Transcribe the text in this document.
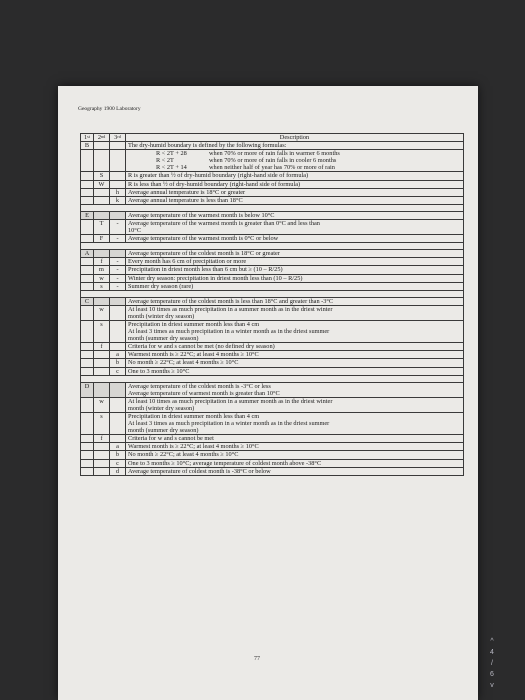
Geography 1900 Laboratory
1st	2nd	3rd	Description
B			The dry-humid boundary is defined by the following formulas:

			R < 2T + 28 when 70% or more of rain falls in warmer 6 months
R < 2T when 70% or more of rain falls in cooler 6 months
R < 2T + 14 when neither half of year has 70% or more of rain

	S		R is greater than ½ of dry-humid boundary (right-hand side of formula)

	W		R is less than ½ of dry-humid boundary (right-hand side of formula)

		h	Average annual temperature is 18°C or greater

		k	Average annual temperature is less than 18°C

E			Average temperature of the warmest month is below 10°C

	T	-	Average temperature of the warmest month is greater than 0°C and less than
10°C

	F	-	Average temperature of the warmest month is 0°C or below

A			Average temperature of the coldest month is 18°C or greater

	f	-	Every month has 6 cm of precipitation or more

	m	-	Precipitation in driest month less than 6 cm but ≥ (10 – R/25)

	w	-	Winter dry season: precipitation in driest month less than (10 – R/25)

	s	-	Summer dry season (rare)

C			Average temperature of the coldest month is less than 18°C and greater than -3°C

	w		At least 10 times as much precipitation in a summer month as in the driest winter
month (winter dry season)

	s		Precipitation in driest summer month less than 4 cm
At least 3 times as much precipitation in a winter month as in the driest summer
month (summer dry season)

	f		Criteria for w and s cannot be met (no defined dry season)

		a	Warmest month is ≥ 22°C; at least 4 months ≥ 10°C

		b	No month ≥ 22°C; at least 4 months ≥ 10°C

		c	One to 3 months ≥ 10°C

D			Average temperature of the coldest month is -3°C or less
Average temperature of warmest month is greater than 10°C

	w		At least 10 times as much precipitation in a summer month as in the driest winter
month (winter dry season)

	s		Precipitation in driest summer month less than 4 cm
At least 3 times as much precipitation in a winter month as in the driest summer
month (summer dry season)

	f		Criteria for w and s cannot be met

		a	Warmest month is ≥ 22°C; at least 4 months ≥ 10°C

		b	No month ≥ 22°C; at least 4 months ≥ 10°C

		c	One to 3 months ≥ 10°C; average temperature of coldest month above -38°C

		d	Average temperature of coldest month is -38°C or below
77
^
4
/
6
v
